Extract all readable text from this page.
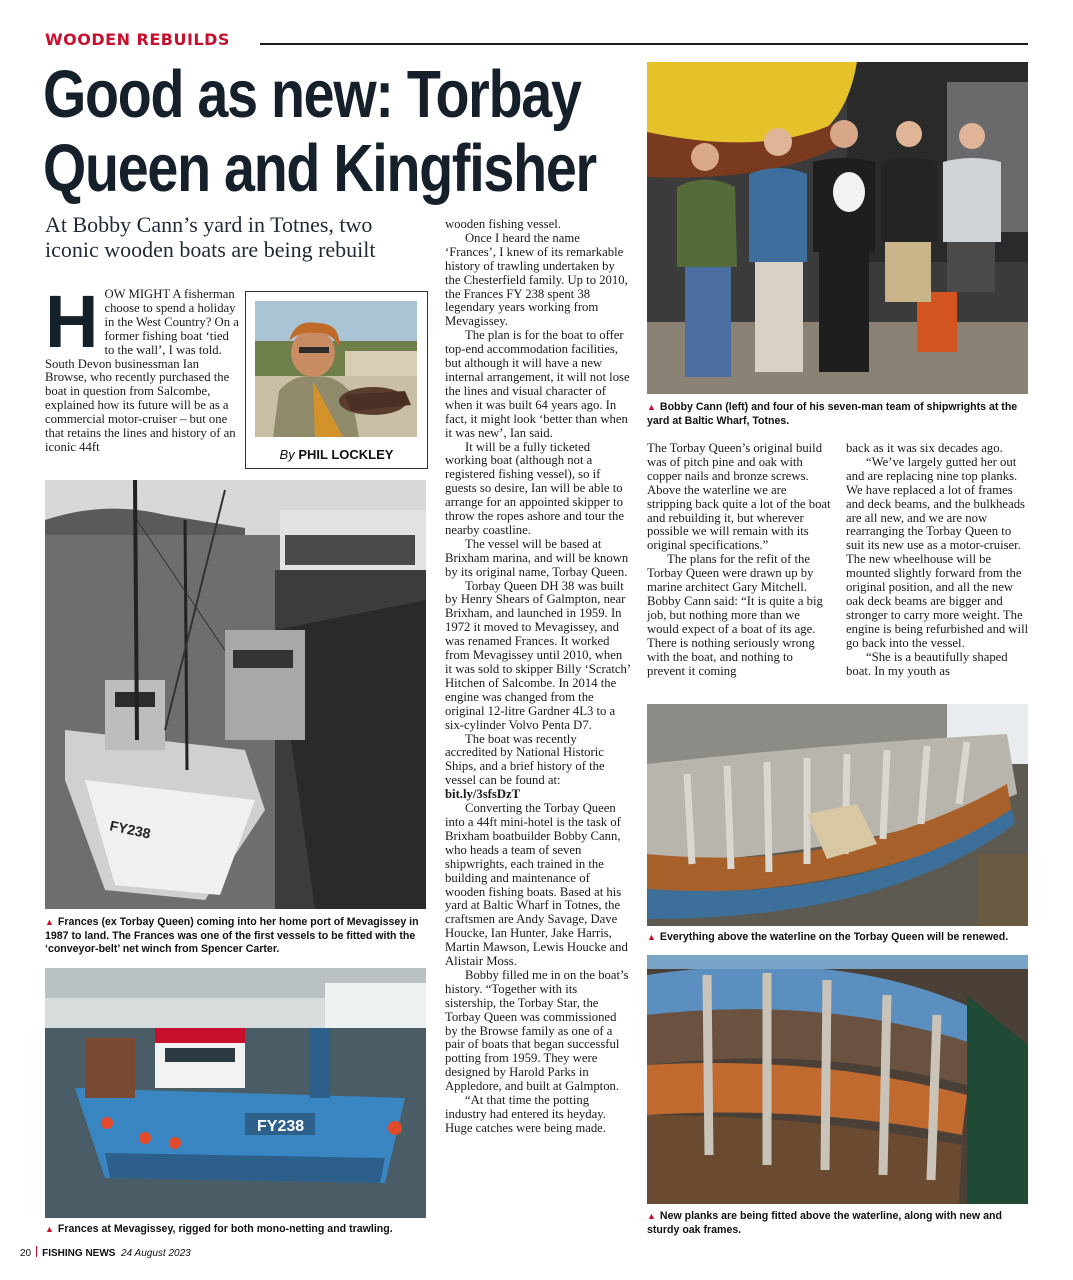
WOODEN REBUILDS
Good as new: Torbay
Queen and Kingfisher
At Bobby Cann’s yard in Totnes, two iconic wooden boats are being rebuilt
By PHIL LOCKLEY
H OW MIGHT A fisherman choose to spend a holiday in the West Country? On a former fishing boat ‘tied to the wall’, I was told. South Devon businessman Ian Browse, who recently purchased the boat in question from Salcombe, explained how its future will be as a commercial motor-cruiser – but one that retains the lines and history of an iconic 44ft
FY238
▲ Frances (ex Torbay Queen) coming into her home port of Mevagissey in 1987 to land. The Frances was one of the first vessels to be fitted with the ‘conveyor-belt’ net winch from Spencer Carter.
FY238
▲ Frances at Mevagissey, rigged for both mono-netting and trawling.

wooden fishing vessel.

Once I heard the name ‘Frances’, I knew of its remarkable history of trawling undertaken by the Chesterfield family. Up to 2010, the Frances FY 238 spent 38 legendary years working from Mevagissey.

The plan is for the boat to offer top-end accommodation facilities, but although it will have a new internal arrangement, it will not lose the lines and visual character of when it was built 64 years ago. In fact, it might look ‘better than when it was new’, Ian said.

It will be a fully ticketed working boat (although not a registered fishing vessel), so if guests so desire, Ian will be able to arrange for an appointed skipper to throw the ropes ashore and tour the nearby coastline.

The vessel will be based at Brixham marina, and will be known by its original name, Torbay Queen.

Torbay Queen DH 38 was built by Henry Shears of Galmpton, near Brixham, and launched in 1959. In 1972 it moved to Mevagissey, and was renamed Frances. It worked from Mevagissey until 2010, when it was sold to skipper Billy ‘Scratch’ Hitchen of Salcombe. In 2014 the engine was changed from the original 12-litre Gardner 4L3 to a six-cylinder Volvo Penta D7.

The boat was recently accredited by National Historic Ships, and a brief history of the vessel can be found at: bit.ly/3sfsDzT

Converting the Torbay Queen into a 44ft mini-hotel is the task of Brixham boatbuilder Bobby Cann, who heads a team of seven shipwrights, each trained in the building and maintenance of wooden fishing boats. Based at his yard at Baltic Wharf in Totnes, the craftsmen are Andy Savage, Dave Houcke, Ian Hunter, Jake Harris, Martin Mawson, Lewis Houcke and Alistair Moss.

Bobby filled me in on the boat’s history. “Together with its sistership, the Torbay Star, the Torbay Queen was commissioned by the Browse family as one of a pair of boats that began successful potting from 1959. They were designed by Harold Parks in Appledore, and built at Galmpton.

“At that time the potting industry had entered its heyday. Huge catches were being made.

▲ Bobby Cann (left) and four of his seven-man team of shipwrights at the yard at Baltic Wharf, Totnes.

The Torbay Queen’s original build was of pitch pine and oak with copper nails and bronze screws. Above the waterline we are stripping back quite a lot of the boat and rebuilding it, but wherever possible we will remain with its original specifications.”

The plans for the refit of the Torbay Queen were drawn up by marine architect Gary Mitchell. Bobby Cann said: “It is quite a big job, but nothing more than we would expect of a boat of its age. There is nothing seriously wrong with the boat, and nothing to prevent it coming

back as it was six decades ago.

“We’ve largely gutted her out and are replacing nine top planks. We have replaced a lot of frames and deck beams, and the bulkheads are all new, and we are now rearranging the Torbay Queen to suit its new use as a motor-cruiser. The new wheelhouse will be mounted slightly forward from the original position, and all the new oak deck beams are bigger and stronger to carry more weight. The engine is being refurbished and will go back into the vessel.

“She is a beautifully shaped boat. In my youth as

▲ Everything above the waterline on the Torbay Queen will be renewed.
▲ New planks are being fitted above the waterline, along with new and sturdy oak frames.
20 FISHING NEWS 24 August 2023
